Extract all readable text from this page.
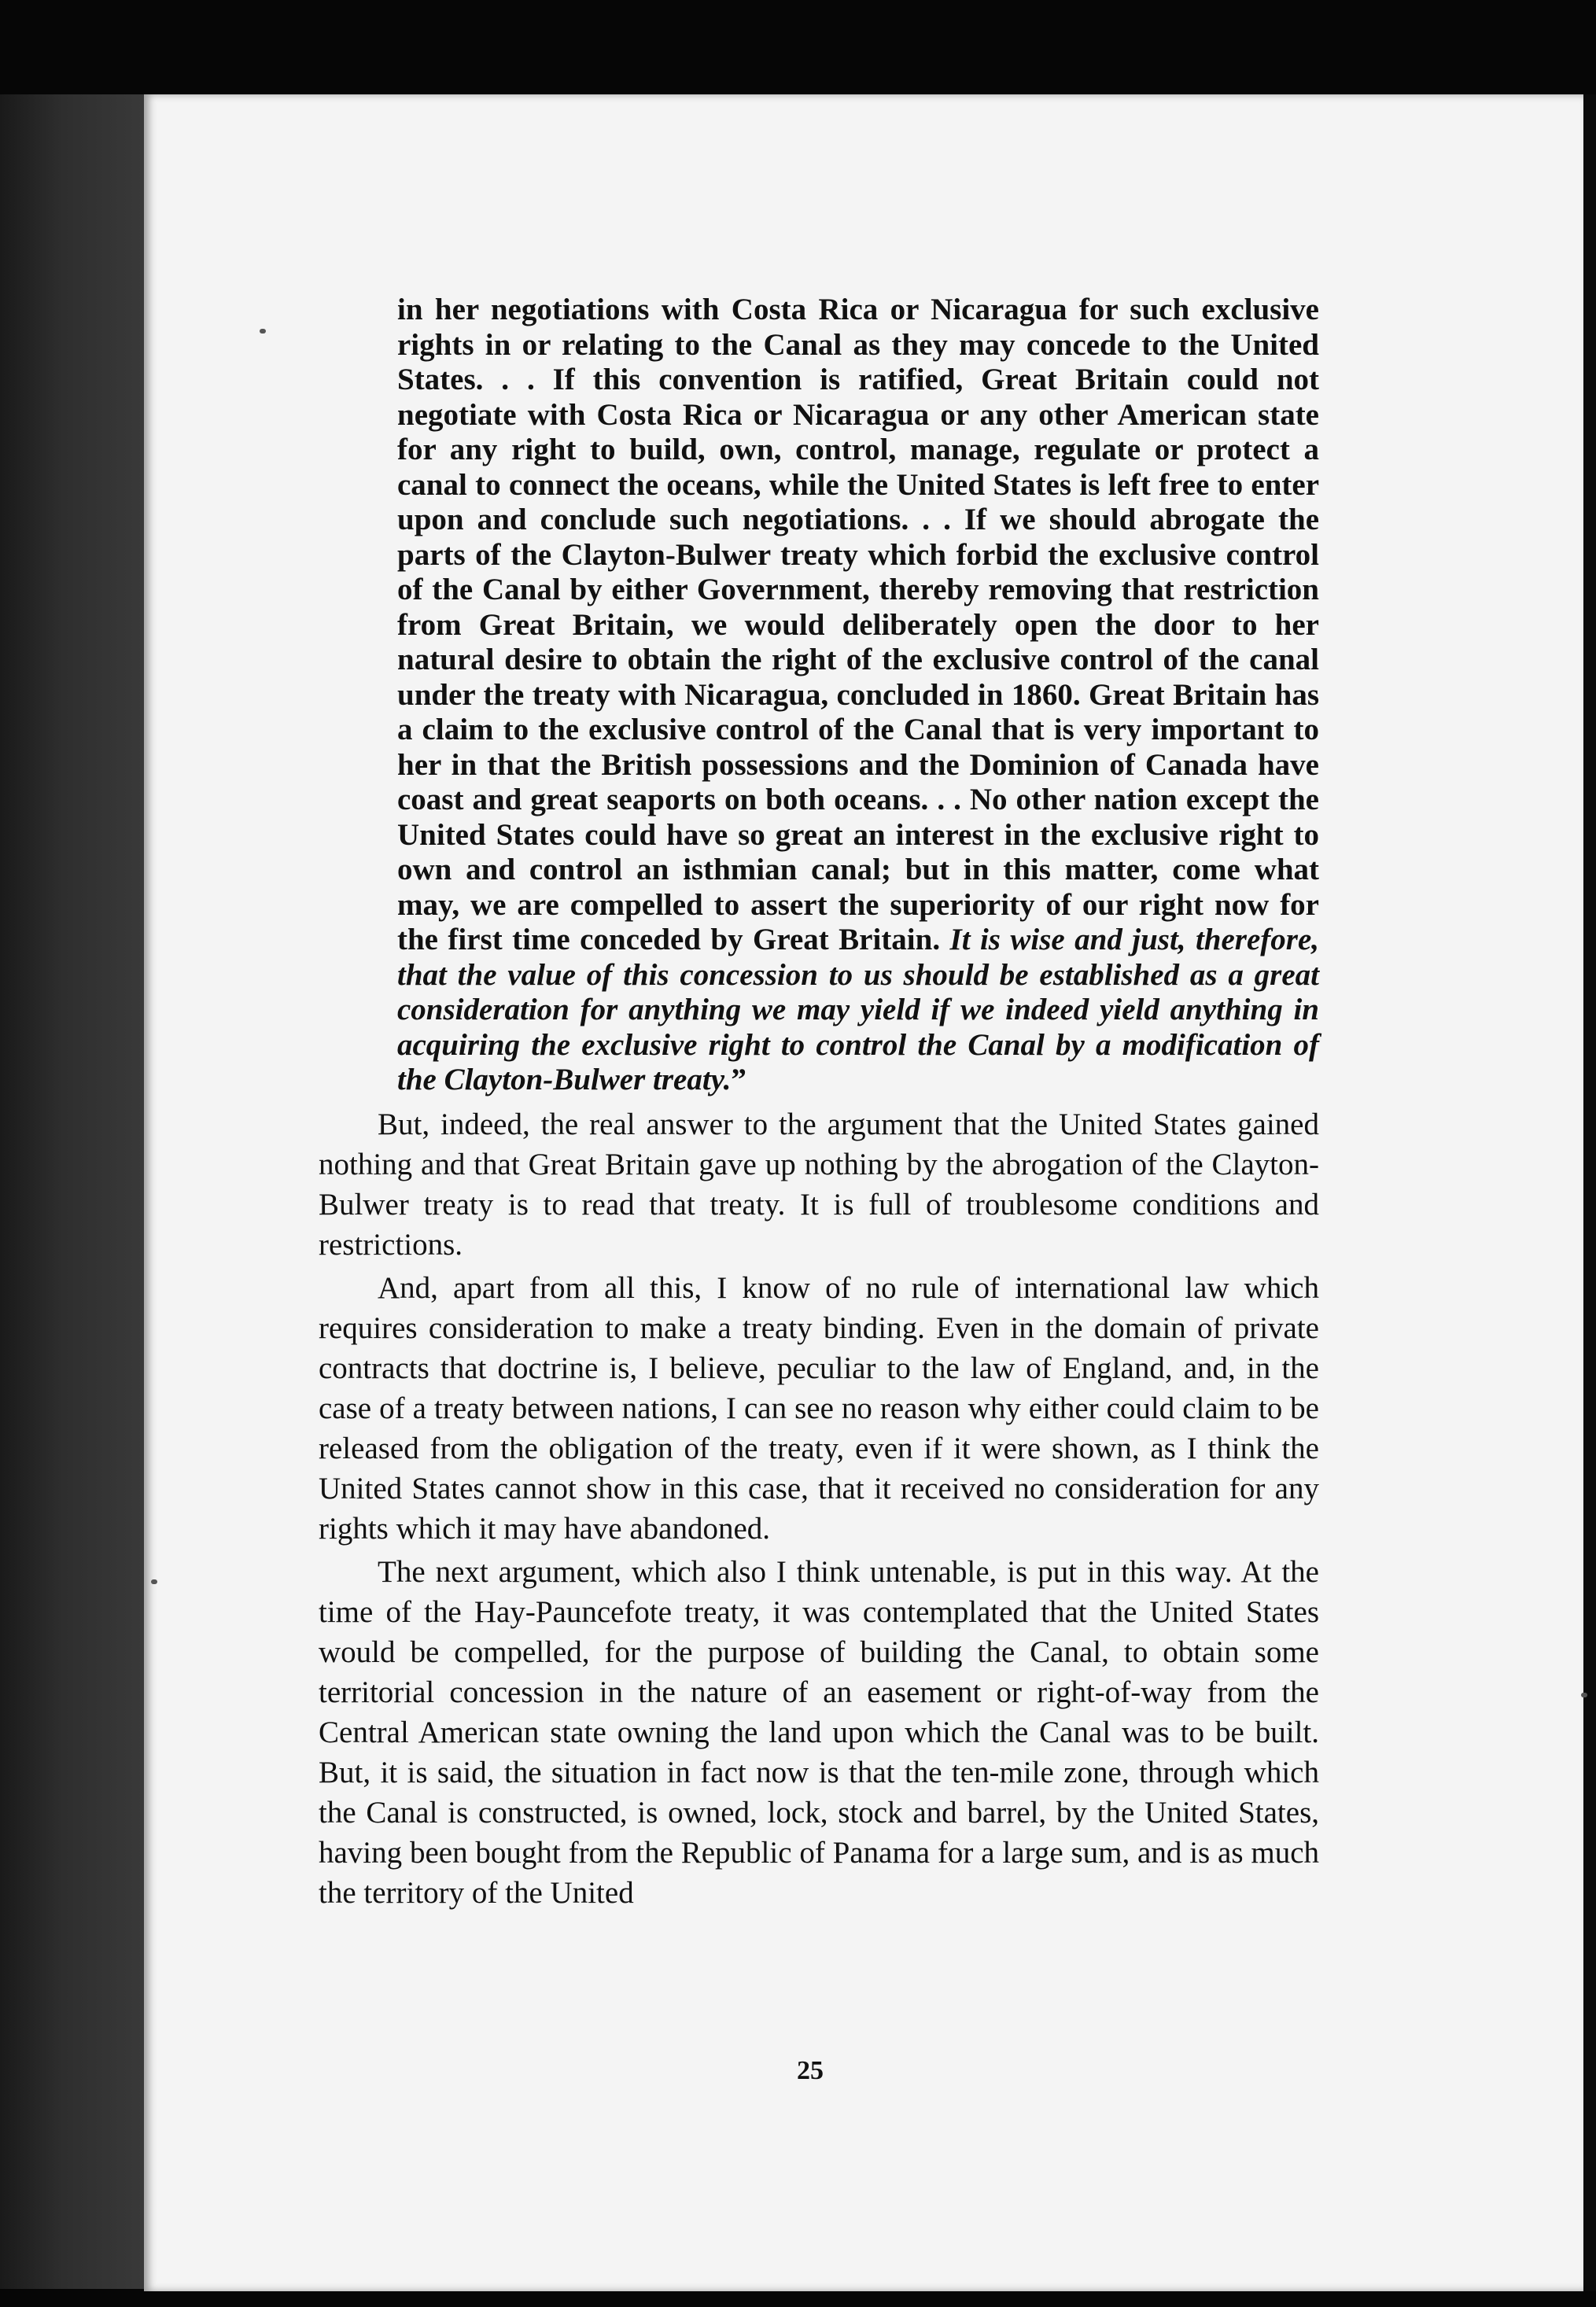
in her negotiations with Costa Rica or Nicaragua for such exclusive rights in or relating to the Canal as they may concede to the United States. . . If this convention is ratified, Great Britain could not negotiate with Costa Rica or Nicaragua or any other American state for any right to build, own, control, manage, regulate or protect a canal to connect the oceans, while the United States is left free to enter upon and conclude such negotiations. . . If we should abrogate the parts of the Clayton-Bulwer treaty which forbid the exclusive control of the Canal by either Government, thereby removing that restriction from Great Britain, we would deliberately open the door to her natural desire to obtain the right of the exclusive control of the canal under the treaty with Nicaragua, concluded in 1860. Great Britain has a claim to the exclusive control of the Canal that is very important to her in that the British possessions and the Dominion of Canada have coast and great seaports on both oceans. . . No other nation except the United States could have so great an interest in the exclusive right to own and control an isthmian canal; but in this matter, come what may, we are compelled to assert the superiority of our right now for the first time conceded by Great Britain. It is wise and just, therefore, that the value of this concession to us should be established as a great consideration for anything we may yield if we indeed yield anything in acquiring the exclusive right to control the Canal by a modification of the Clayton-Bulwer treaty.”

But, indeed, the real answer to the argument that the United States gained nothing and that Great Britain gave up nothing by the abrogation of the Clayton-Bulwer treaty is to read that treaty. It is full of troublesome conditions and restrictions.

And, apart from all this, I know of no rule of international law which requires consideration to make a treaty binding. Even in the domain of private contracts that doctrine is, I believe, peculiar to the law of England, and, in the case of a treaty between nations, I can see no reason why either could claim to be released from the obligation of the treaty, even if it were shown, as I think the United States cannot show in this case, that it received no consideration for any rights which it may have abandoned.

The next argument, which also I think untenable, is put in this way. At the time of the Hay-Pauncefote treaty, it was contemplated that the United States would be compelled, for the purpose of building the Canal, to obtain some territorial concession in the nature of an easement or right-of-way from the Central American state owning the land upon which the Canal was to be built. But, it is said, the situation in fact now is that the ten-mile zone, through which the Canal is constructed, is owned, lock, stock and barrel, by the United States, having been bought from the Republic of Panama for a large sum, and is as much the territory of the United

25
